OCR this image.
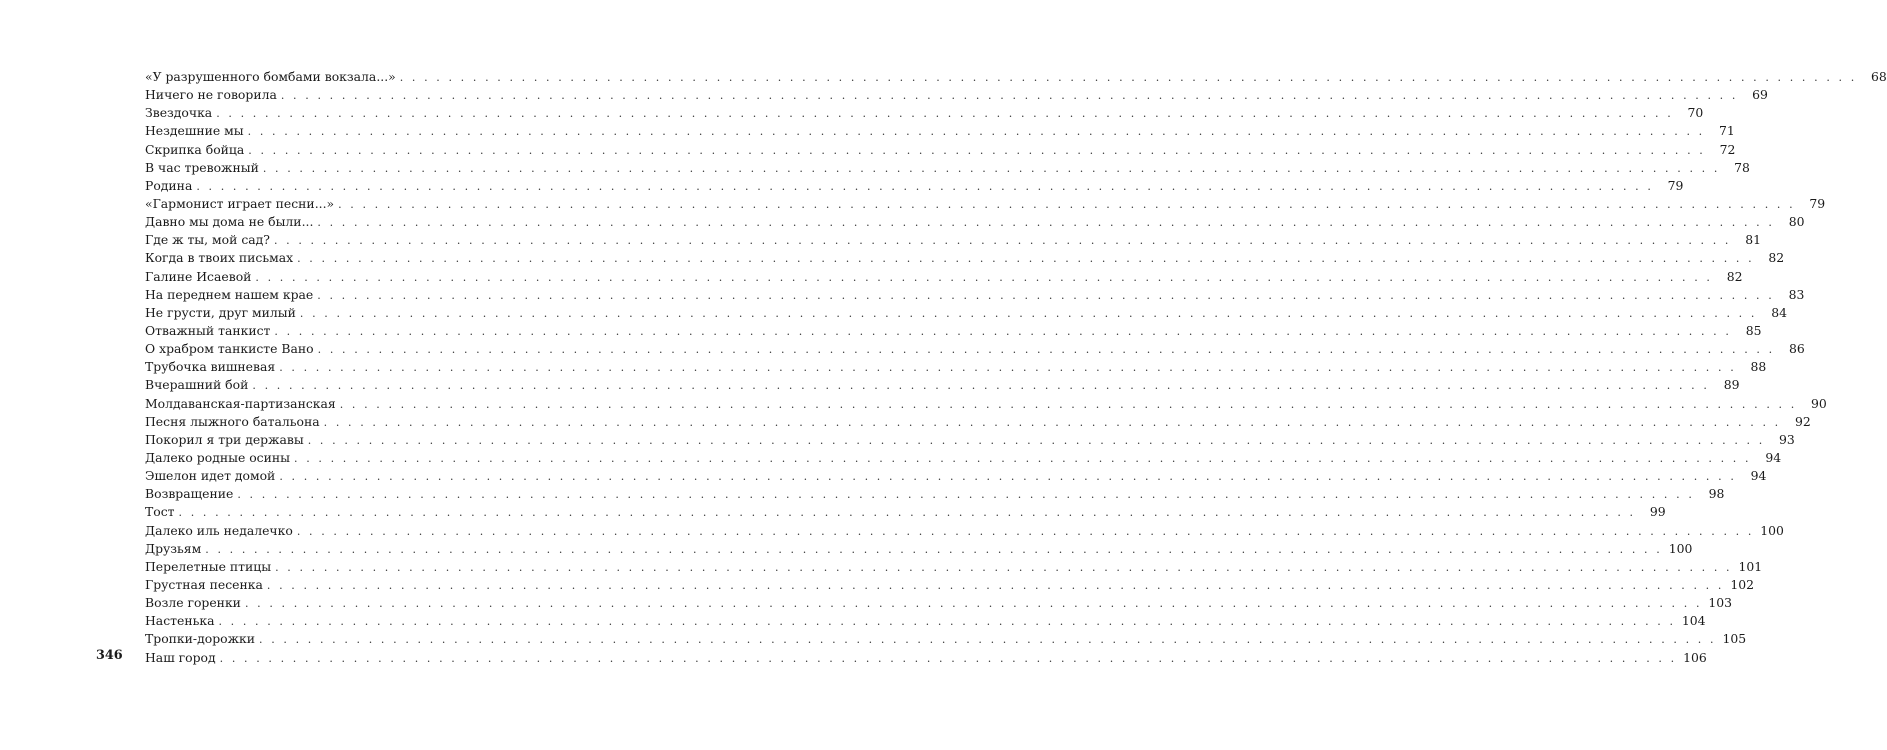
346
«У разрушенного бомбами вокзала...» . . . . . . . . . . . . . . . . . . . . . . . . . . . . . . . . . . . . . . . . . . . . . . . . . . . . . . . . . . . . . . . . . . . . . . . . . . . . . . . . . . . . . . . . . . . . . . . . . . . . . . . . . . . . . . . . . . . . . . . .	68
Ничего не говорила . . . . . . . . . . . . . . . . . . . . . . . . . . . . . . . . . . . . . . . . . . . . . . . . . . . . . . . . . . . . . . . . . . . . . . . . . . . . . . . . . . . . . . . . . . . . . . . . . . . . . . . . . . . . . . . . . . . . . . . .	69
Звездочка . . . . . . . . . . . . . . . . . . . . . . . . . . . . . . . . . . . . . . . . . . . . . . . . . . . . . . . . . . . . . . . . . . . . . . . . . . . . . . . . . . . . . . . . . . . . . . . . . . . . . . . . . . . . . . . . . . . . . . . .	70
Нездешние мы . . . . . . . . . . . . . . . . . . . . . . . . . . . . . . . . . . . . . . . . . . . . . . . . . . . . . . . . . . . . . . . . . . . . . . . . . . . . . . . . . . . . . . . . . . . . . . . . . . . . . . . . . . . . . . . . . . . . . . . .	71
Скрипка бойца . . . . . . . . . . . . . . . . . . . . . . . . . . . . . . . . . . . . . . . . . . . . . . . . . . . . . . . . . . . . . . . . . . . . . . . . . . . . . . . . . . . . . . . . . . . . . . . . . . . . . . . . . . . . . . . . . . . . . . . .	72
В час тревожный . . . . . . . . . . . . . . . . . . . . . . . . . . . . . . . . . . . . . . . . . . . . . . . . . . . . . . . . . . . . . . . . . . . . . . . . . . . . . . . . . . . . . . . . . . . . . . . . . . . . . . . . . . . . . . . . . . . . . . . .	78
Родина . . . . . . . . . . . . . . . . . . . . . . . . . . . . . . . . . . . . . . . . . . . . . . . . . . . . . . . . . . . . . . . . . . . . . . . . . . . . . . . . . . . . . . . . . . . . . . . . . . . . . . . . . . . . . . . . . . . . . . . .	79
«Гармонист играет песни...» . . . . . . . . . . . . . . . . . . . . . . . . . . . . . . . . . . . . . . . . . . . . . . . . . . . . . . . . . . . . . . . . . . . . . . . . . . . . . . . . . . . . . . . . . . . . . . . . . . . . . . . . . . . . . . . . . . . . . . . .	79
Давно мы дома не были... . . . . . . . . . . . . . . . . . . . . . . . . . . . . . . . . . . . . . . . . . . . . . . . . . . . . . . . . . . . . . . . . . . . . . . . . . . . . . . . . . . . . . . . . . . . . . . . . . . . . . . . . . . . . . . . . . . . . . . . .	80
Где ж ты, мой сад? . . . . . . . . . . . . . . . . . . . . . . . . . . . . . . . . . . . . . . . . . . . . . . . . . . . . . . . . . . . . . . . . . . . . . . . . . . . . . . . . . . . . . . . . . . . . . . . . . . . . . . . . . . . . . . . . . . . . . . . .	81
Когда в твоих письмах . . . . . . . . . . . . . . . . . . . . . . . . . . . . . . . . . . . . . . . . . . . . . . . . . . . . . . . . . . . . . . . . . . . . . . . . . . . . . . . . . . . . . . . . . . . . . . . . . . . . . . . . . . . . . . . . . . . . . . . .	82
Галине Исаевой . . . . . . . . . . . . . . . . . . . . . . . . . . . . . . . . . . . . . . . . . . . . . . . . . . . . . . . . . . . . . . . . . . . . . . . . . . . . . . . . . . . . . . . . . . . . . . . . . . . . . . . . . . . . . . . . . . . . . . . .	82
На переднем нашем крае . . . . . . . . . . . . . . . . . . . . . . . . . . . . . . . . . . . . . . . . . . . . . . . . . . . . . . . . . . . . . . . . . . . . . . . . . . . . . . . . . . . . . . . . . . . . . . . . . . . . . . . . . . . . . . . . . . . . . . . .	83
Не грусти, друг милый . . . . . . . . . . . . . . . . . . . . . . . . . . . . . . . . . . . . . . . . . . . . . . . . . . . . . . . . . . . . . . . . . . . . . . . . . . . . . . . . . . . . . . . . . . . . . . . . . . . . . . . . . . . . . . . . . . . . . . . .	84
Отважный танкист . . . . . . . . . . . . . . . . . . . . . . . . . . . . . . . . . . . . . . . . . . . . . . . . . . . . . . . . . . . . . . . . . . . . . . . . . . . . . . . . . . . . . . . . . . . . . . . . . . . . . . . . . . . . . . . . . . . . . . . .	85
О храбром танкисте Вано . . . . . . . . . . . . . . . . . . . . . . . . . . . . . . . . . . . . . . . . . . . . . . . . . . . . . . . . . . . . . . . . . . . . . . . . . . . . . . . . . . . . . . . . . . . . . . . . . . . . . . . . . . . . . . . . . . . . . . . .	86
Трубочка вишневая . . . . . . . . . . . . . . . . . . . . . . . . . . . . . . . . . . . . . . . . . . . . . . . . . . . . . . . . . . . . . . . . . . . . . . . . . . . . . . . . . . . . . . . . . . . . . . . . . . . . . . . . . . . . . . . . . . . . . . . .	88
Вчерашний бой . . . . . . . . . . . . . . . . . . . . . . . . . . . . . . . . . . . . . . . . . . . . . . . . . . . . . . . . . . . . . . . . . . . . . . . . . . . . . . . . . . . . . . . . . . . . . . . . . . . . . . . . . . . . . . . . . . . . . . . .	89
Молдаванская-партизанская . . . . . . . . . . . . . . . . . . . . . . . . . . . . . . . . . . . . . . . . . . . . . . . . . . . . . . . . . . . . . . . . . . . . . . . . . . . . . . . . . . . . . . . . . . . . . . . . . . . . . . . . . . . . . . . . . . . . . . . .	90
Песня лыжного батальона . . . . . . . . . . . . . . . . . . . . . . . . . . . . . . . . . . . . . . . . . . . . . . . . . . . . . . . . . . . . . . . . . . . . . . . . . . . . . . . . . . . . . . . . . . . . . . . . . . . . . . . . . . . . . . . . . . . . . . . .	92
Покорил я три державы . . . . . . . . . . . . . . . . . . . . . . . . . . . . . . . . . . . . . . . . . . . . . . . . . . . . . . . . . . . . . . . . . . . . . . . . . . . . . . . . . . . . . . . . . . . . . . . . . . . . . . . . . . . . . . . . . . . . . . . .	93
Далеко родные осины . . . . . . . . . . . . . . . . . . . . . . . . . . . . . . . . . . . . . . . . . . . . . . . . . . . . . . . . . . . . . . . . . . . . . . . . . . . . . . . . . . . . . . . . . . . . . . . . . . . . . . . . . . . . . . . . . . . . . . . .	94
Эшелон идет домой . . . . . . . . . . . . . . . . . . . . . . . . . . . . . . . . . . . . . . . . . . . . . . . . . . . . . . . . . . . . . . . . . . . . . . . . . . . . . . . . . . . . . . . . . . . . . . . . . . . . . . . . . . . . . . . . . . . . . . . .	94
Возвращение . . . . . . . . . . . . . . . . . . . . . . . . . . . . . . . . . . . . . . . . . . . . . . . . . . . . . . . . . . . . . . . . . . . . . . . . . . . . . . . . . . . . . . . . . . . . . . . . . . . . . . . . . . . . . . . . . . . . . . . .	98
Тост . . . . . . . . . . . . . . . . . . . . . . . . . . . . . . . . . . . . . . . . . . . . . . . . . . . . . . . . . . . . . . . . . . . . . . . . . . . . . . . . . . . . . . . . . . . . . . . . . . . . . . . . . . . . . . . . . . . . . . . .	99
Далеко иль недалечко . . . . . . . . . . . . . . . . . . . . . . . . . . . . . . . . . . . . . . . . . . . . . . . . . . . . . . . . . . . . . . . . . . . . . . . . . . . . . . . . . . . . . . . . . . . . . . . . . . . . . . . . . . . . . . . . . . . . . . . . 100
Друзьям . . . . . . . . . . . . . . . . . . . . . . . . . . . . . . . . . . . . . . . . . . . . . . . . . . . . . . . . . . . . . . . . . . . . . . . . . . . . . . . . . . . . . . . . . . . . . . . . . . . . . . . . . . . . . . . . . . . . . . . . 100
Перелетные птицы . . . . . . . . . . . . . . . . . . . . . . . . . . . . . . . . . . . . . . . . . . . . . . . . . . . . . . . . . . . . . . . . . . . . . . . . . . . . . . . . . . . . . . . . . . . . . . . . . . . . . . . . . . . . . . . . . . . . . . . . 101
Грустная песенка . . . . . . . . . . . . . . . . . . . . . . . . . . . . . . . . . . . . . . . . . . . . . . . . . . . . . . . . . . . . . . . . . . . . . . . . . . . . . . . . . . . . . . . . . . . . . . . . . . . . . . . . . . . . . . . . . . . . . . . . 102
Возле горенки . . . . . . . . . . . . . . . . . . . . . . . . . . . . . . . . . . . . . . . . . . . . . . . . . . . . . . . . . . . . . . . . . . . . . . . . . . . . . . . . . . . . . . . . . . . . . . . . . . . . . . . . . . . . . . . . . . . . . . . . 103
Настенька . . . . . . . . . . . . . . . . . . . . . . . . . . . . . . . . . . . . . . . . . . . . . . . . . . . . . . . . . . . . . . . . . . . . . . . . . . . . . . . . . . . . . . . . . . . . . . . . . . . . . . . . . . . . . . . . . . . . . . . . 104
Тропки-дорожки . . . . . . . . . . . . . . . . . . . . . . . . . . . . . . . . . . . . . . . . . . . . . . . . . . . . . . . . . . . . . . . . . . . . . . . . . . . . . . . . . . . . . . . . . . . . . . . . . . . . . . . . . . . . . . . . . . . . . . . . 105
Наш город . . . . . . . . . . . . . . . . . . . . . . . . . . . . . . . . . . . . . . . . . . . . . . . . . . . . . . . . . . . . . . . . . . . . . . . . . . . . . . . . . . . . . . . . . . . . . . . . . . . . . . . . . . . . . . . . . . . . . . . . 106
